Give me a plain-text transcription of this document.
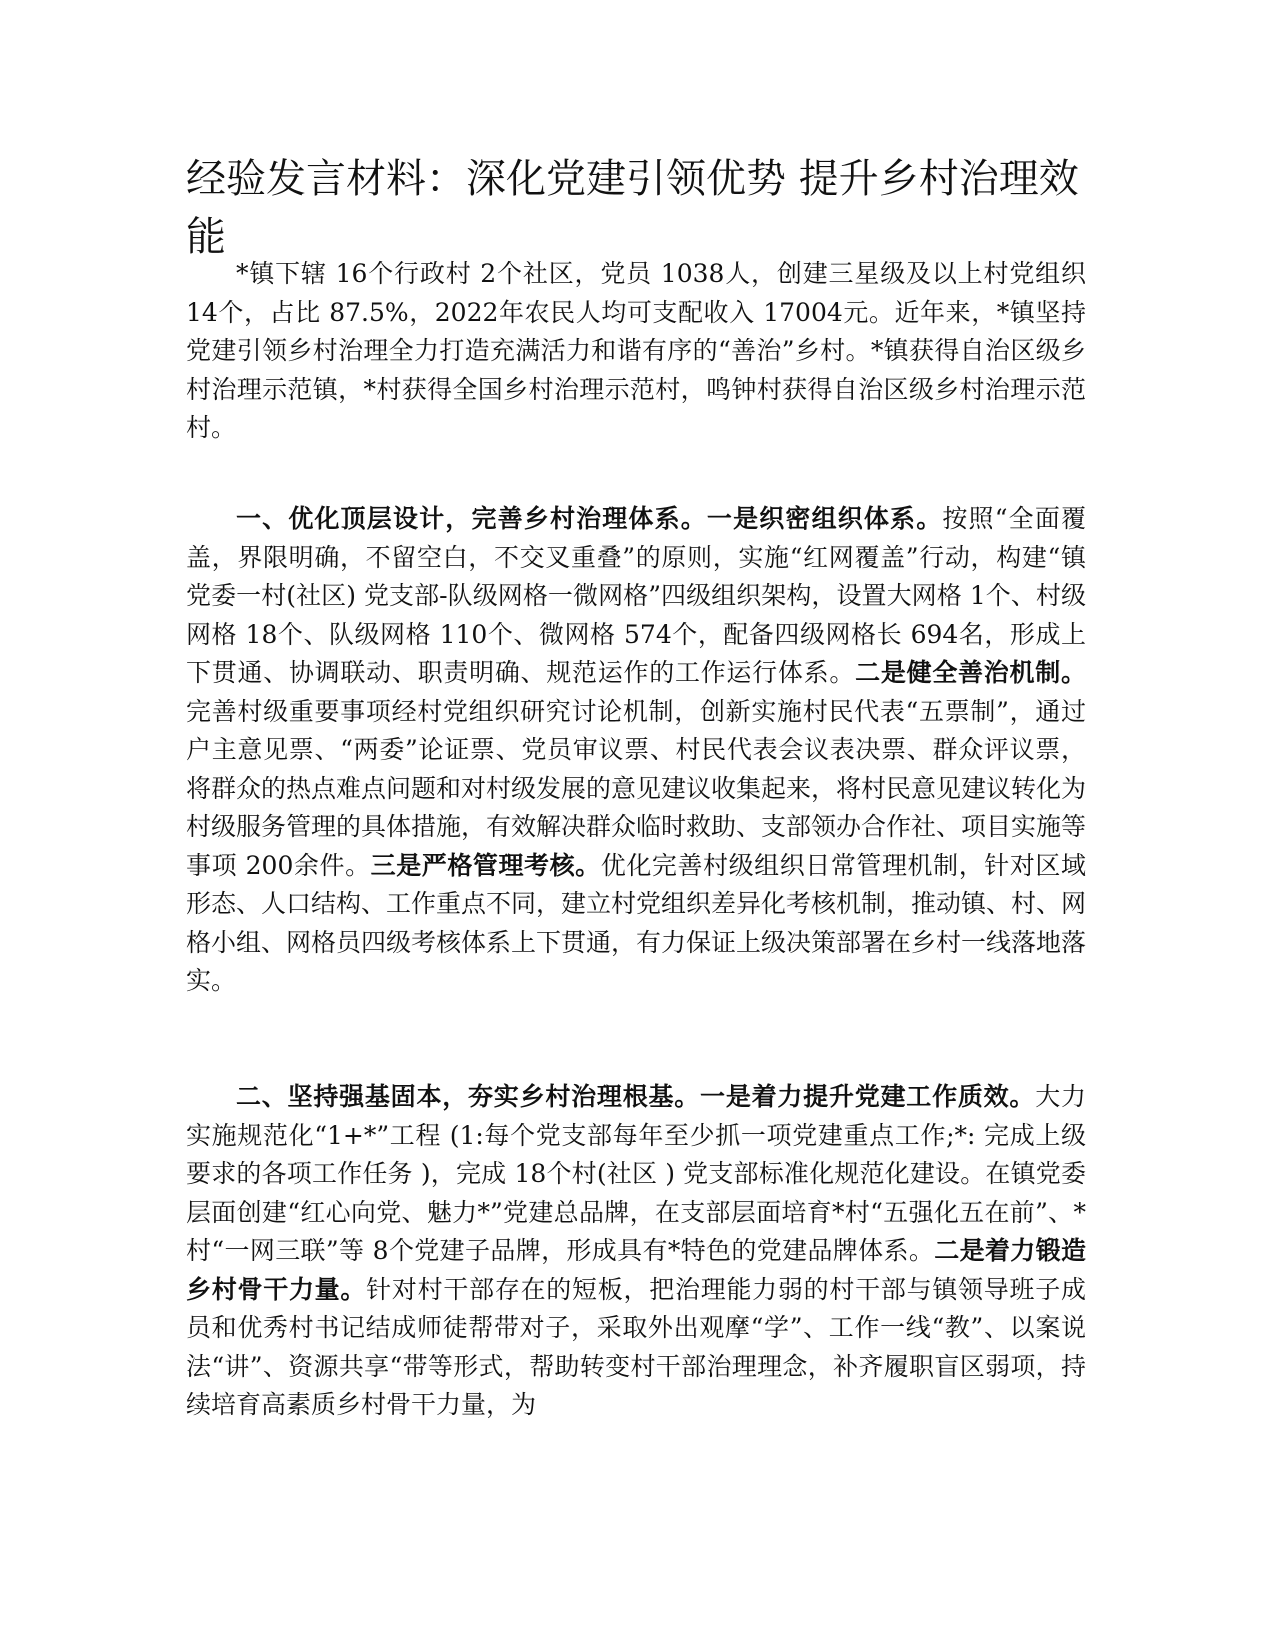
经验发言材料：深化党建引领优势 提升乡村治理效能

*镇下辖 16个行政村 2个社区，党员 1038人，创建三星级及以上村党组织 14个，占比 87.5%，2022年农民人均可支配收入 17004元。近年来，*镇坚持党建引领乡村治理全力打造充满活力和谐有序的“善治”乡村。*镇获得自治区级乡村治理示范镇，*村获得全国乡村治理示范村，鸣钟村获得自治区级乡村治理示范村。

一、优化顶层设计，完善乡村治理体系。一是织密组织体系。按照“全面覆盖，界限明确，不留空白，不交叉重叠”的原则，实施“红网覆盖”行动，构建“镇党委一村(社区) 党支部-队级网格一微网格”四级组织架构，设置大网格 1个、村级网格 18个、队级网格 110个、微网格 574个，配备四级网格长 694名，形成上下贯通、协调联动、职责明确、规范运作的工作运行体系。二是健全善治机制。完善村级重要事项经村党组织研究讨论机制，创新实施村民代表“五票制”，通过户主意见票、“两委”论证票、党员审议票、村民代表会议表决票、群众评议票，将群众的热点难点问题和对村级发展的意见建议收集起来，将村民意见建议转化为村级服务管理的具体措施，有效解决群众临时救助、支部领办合作社、项目实施等事项 200余件。三是严格管理考核。优化完善村级组织日常管理机制，针对区域形态、人口结构、工作重点不同，建立村党组织差异化考核机制，推动镇、村、网格小组、网格员四级考核体系上下贯通，有力保证上级决策部署在乡村一线落地落实。

二、坚持强基固本，夯实乡村治理根基。一是着力提升党建工作质效。大力实施规范化“1+*”工程 (1:每个党支部每年至少抓一项党建重点工作;*: 完成上级要求的各项工作任务 )，完成 18个村(社区 ) 党支部标准化规范化建设。在镇党委层面创建“红心向党、魅力*”党建总品牌，在支部层面培育*村“五强化五在前”、*村“一网三联”等 8个党建子品牌，形成具有*特色的党建品牌体系。二是着力锻造乡村骨干力量。针对村干部存在的短板，把治理能力弱的村干部与镇领导班子成员和优秀村书记结成师徒帮带对子，采取外出观摩“学”、工作一线“教”、以案说法“讲”、资源共享“带等形式，帮助转变村干部治理理念，补齐履职盲区弱项，持续培育高素质乡村骨干力量，为
